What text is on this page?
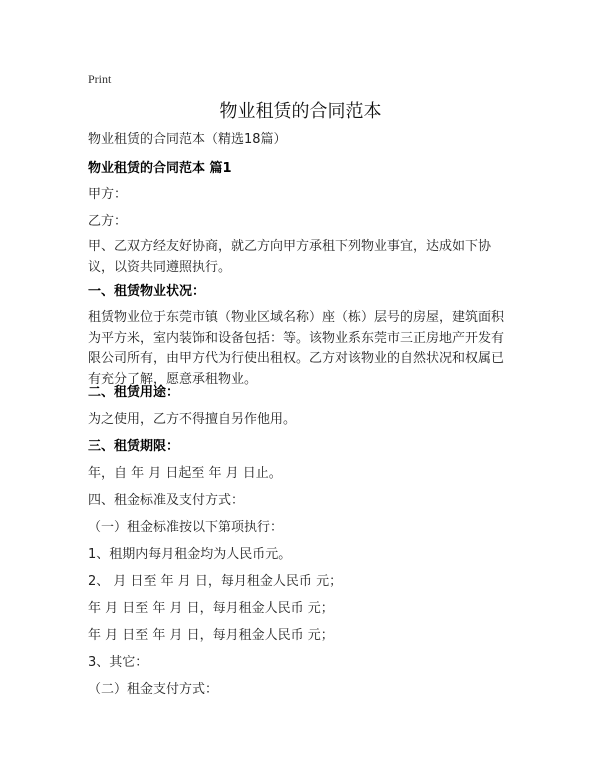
Print
物业租赁的合同范本
物业租赁的合同范本（精选18篇）
物业租赁的合同范本 篇1
甲方：
乙方：
甲、乙双方经友好协商，就乙方向甲方承租下列物业事宜，达成如下协议，以资共同遵照执行。
一、租赁物业状况：
租赁物业位于东莞市镇（物业区域名称）座（栋）层号的房屋，建筑面积为平方米，室内装饰和设备包括：等。该物业系东莞市三正房地产开发有限公司所有，由甲方代为行使出租权。乙方对该物业的自然状况和权属已有充分了解，愿意承租物业。
二、租赁用途：
为之使用，乙方不得擅自另作他用。
三、租赁期限：
年，自 年 月 日起至 年 月 日止。
四、租金标准及支付方式：
（一）租金标准按以下第项执行：
1、租期内每月租金均为人民币元。
2、 月 日至 年 月 日，每月租金人民币 元；
年 月 日至 年 月 日，每月租金人民币 元；
年 月 日至 年 月 日，每月租金人民币 元；
3、其它：
（二）租金支付方式：
